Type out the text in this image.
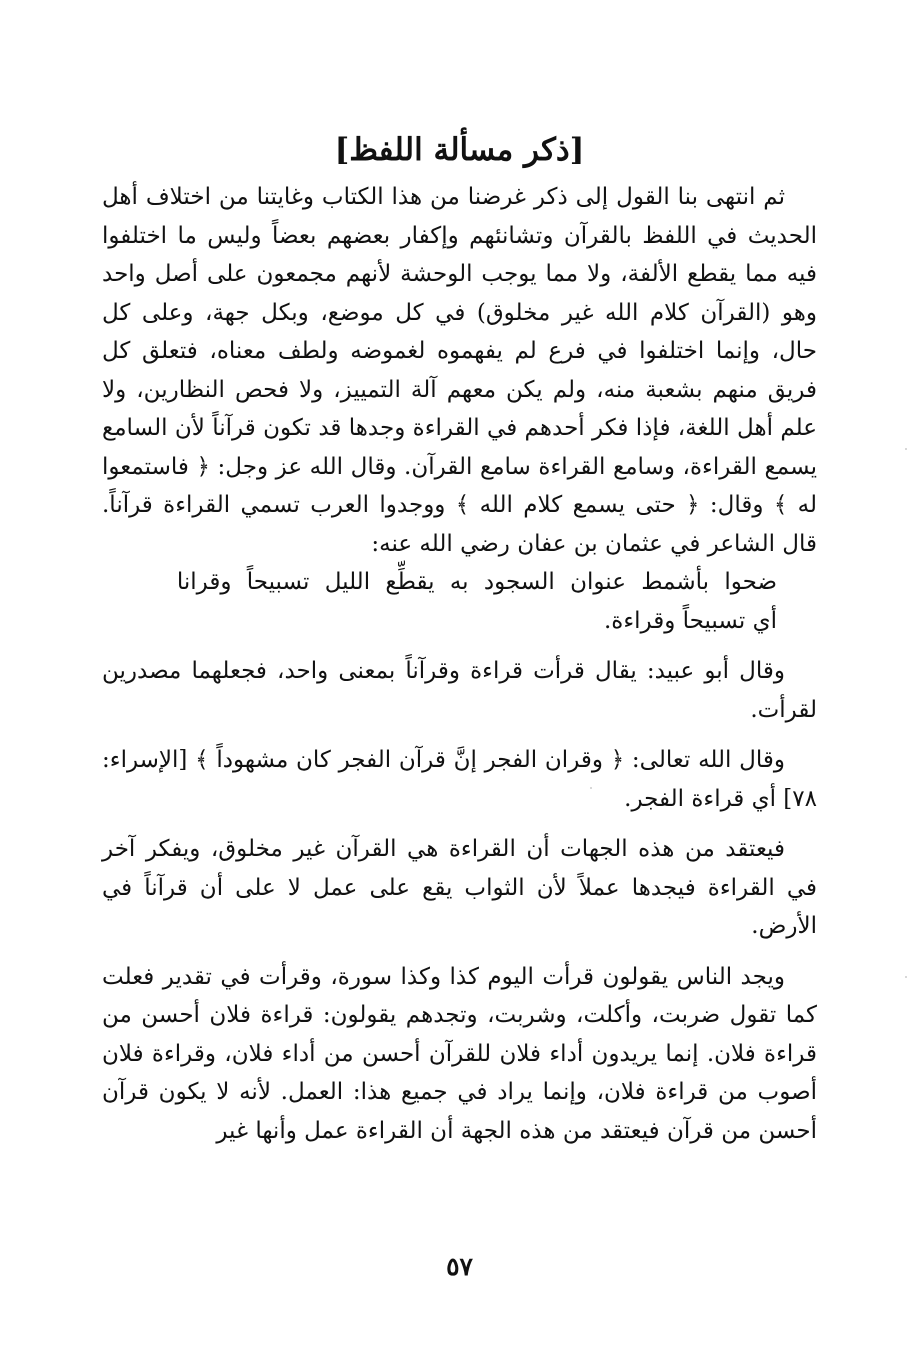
[ذكر مسألة اللفظ]

ثم انتهى بنا القول إلى ذكر غرضنا من هذا الكتاب وغايتنا من اختلاف أهل الحديث في اللفظ بالقرآن وتشانئهم وإكفار بعضهم بعضاً وليس ما اختلفوا فيه مما يقطع الألفة، ولا مما يوجب الوحشة لأنهم مجمعون على أصل واحد وهو (القرآن كلام الله غير مخلوق) في كل موضع، وبكل جهة، وعلى كل حال، وإنما اختلفوا في فرع لم يفهموه لغموضه ولطف معناه، فتعلق كل فريق منهم بشعبة منه، ولم يكن معهم آلة التمييز، ولا فحص النظارين، ولا علم أهل اللغة، فإذا فكر أحدهم في القراءة وجدها قد تكون قرآناً لأن السامع يسمع القراءة، وسامع القراءة سامع القرآن. وقال الله عز وجل: ﴿ فاستمعوا له ﴾ وقال: ﴿ حتى يسمع كلام الله ﴾ ووجدوا العرب تسمي القراءة قرآناً. قال الشاعر في عثمان بن عفان رضي الله عنه:

ضحوا بأشمط عنوان السجود به يقطِّع الليل تسبيحاً وقرانا

أي تسبيحاً وقراءة.

وقال أبو عبيد: يقال قرأت قراءة وقرآناً بمعنى واحد، فجعلهما مصدرين لقرأت.

وقال الله تعالى: ﴿ وقران الفجر إنَّ قرآن الفجر كان مشهوداً ﴾ [الإسراء: ٧٨] أي قراءة الفجر.

فيعتقد من هذه الجهات أن القراءة هي القرآن غير مخلوق، ويفكر آخر في القراءة فيجدها عملاً لأن الثواب يقع على عمل لا على أن قرآناً في الأرض.

ويجد الناس يقولون قرأت اليوم كذا وكذا سورة، وقرأت في تقدير فعلت كما تقول ضربت، وأكلت، وشربت، وتجدهم يقولون: قراءة فلان أحسن من قراءة فلان. إنما يريدون أداء فلان للقرآن أحسن من أداء فلان، وقراءة فلان أصوب من قراءة فلان، وإنما يراد في جميع هذا: العمل. لأنه لا يكون قرآن أحسن من قرآن فيعتقد من هذه الجهة أن القراءة عمل وأنها غير

٥٧
